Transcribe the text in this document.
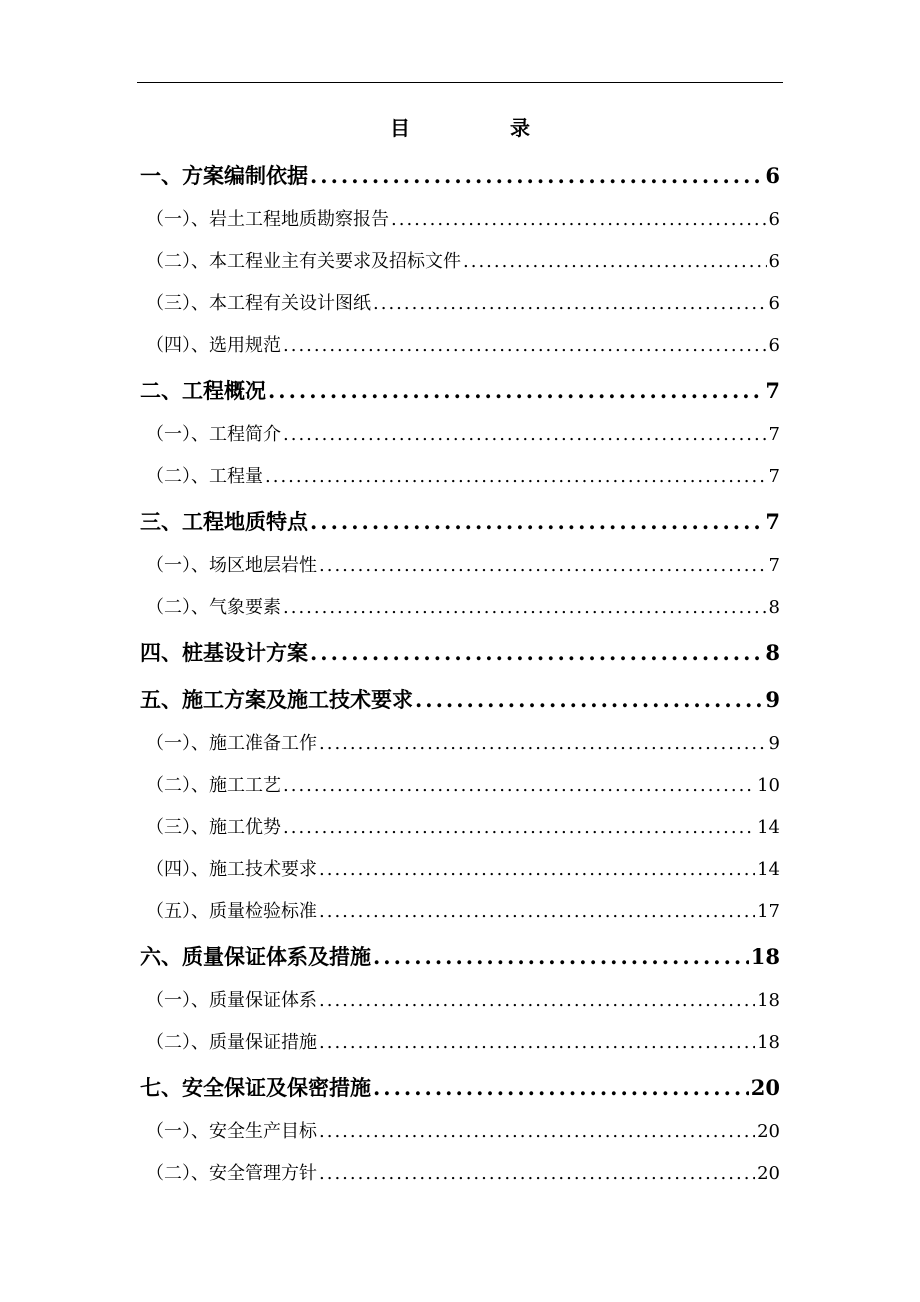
目　录
一、方案编制依据 .....	6
（一）、岩土工程地质勘察报告 .....	6
（二）、本工程业主有关要求及招标文件 .....	6
（三）、本工程有关设计图纸 .....	6
（四）、选用规范 .....	6
二、工程概况 .....	7
（一）、工程简介 .....	7
（二）、工程量 .....	7
三、工程地质特点 .....	7
（一）、场区地层岩性 .....	7
（二）、气象要素 .....	8
四、桩基设计方案 .....	8
五、施工方案及施工技术要求 .....	9
（一）、施工准备工作 .....	9
（二）、施工工艺 .....	10
（三）、施工优势 .....	14
（四）、施工技术要求 .....	14
（五）、质量检验标准 .....	17
六、质量保证体系及措施 .....	18
（一）、质量保证体系 .....	18
（二）、质量保证措施 .....	18
七、安全保证及保密措施 .....	20
（一）、安全生产目标 .....	20
（二）、安全管理方针 .....	20
